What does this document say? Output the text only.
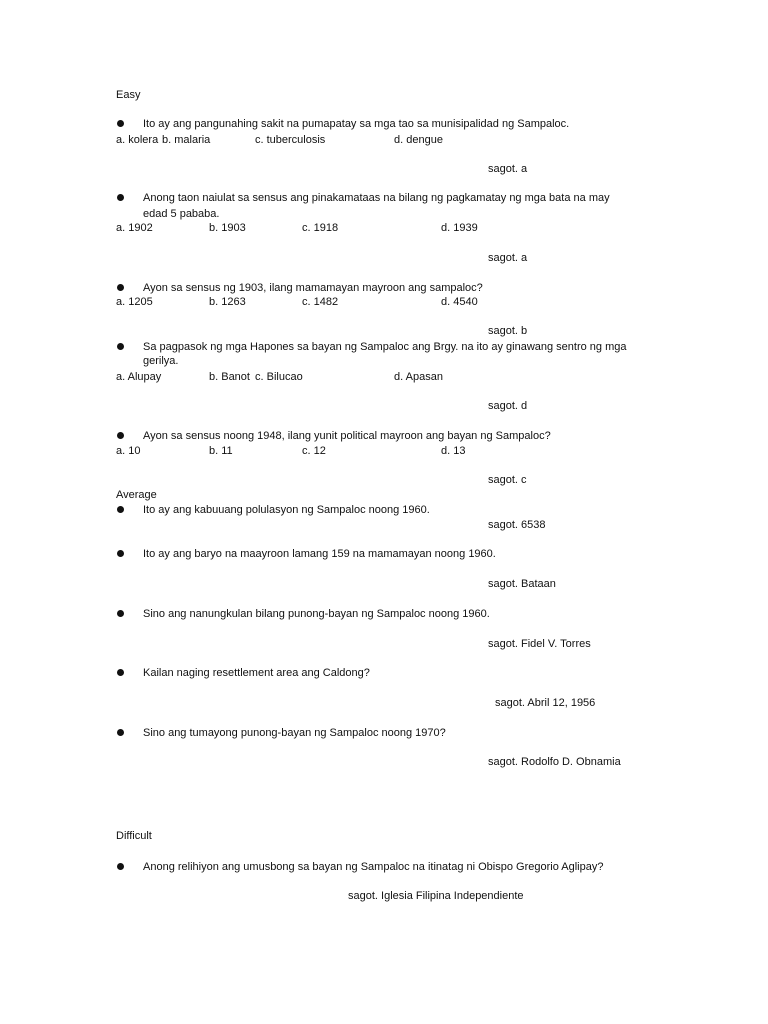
Easy
Ito ay ang pangunahing sakit na pumapatay sa mga tao sa munisipalidad ng Sampaloc.
a. kolera b. malaria	c. tuberculosis	d. dengue
sagot. a
Anong taon naiulat sa sensus ang pinakamataas na bilang ng pagkamatay ng mga bata na may
edad 5 pababa.
a. 1902	b. 1903	c. 1918	d. 1939
sagot. a
Ayon sa sensus ng 1903, ilang mamamayan mayroon ang sampaloc?
a. 1205	b. 1263	c. 1482	d. 4540
sagot. b
Sa pagpasok ng mga Hapones sa bayan ng Sampaloc ang Brgy. na ito ay ginawang sentro ng mga
gerilya.
a. Alupay	b. Banot c. Bilucao	d. Apasan
sagot. d
Ayon sa sensus noong 1948, ilang yunit political mayroon ang bayan ng Sampaloc?
a. 10	b. 11	c. 12	d. 13
sagot. c
Average
Ito ay ang kabuuang polulasyon ng Sampaloc noong 1960.
sagot. 6538
Ito ay ang baryo na maayroon lamang 159 na mamamayan noong 1960.
sagot. Bataan
Sino ang nanungkulan bilang punong-bayan ng Sampaloc noong 1960.
sagot. Fidel V. Torres
Kailan naging resettlement area ang Caldong?
sagot. Abril 12, 1956
Sino ang tumayong punong-bayan ng Sampaloc noong 1970?
sagot. Rodolfo D. Obnamia
Difficult
Anong relihiyon ang umusbong sa bayan ng Sampaloc na itinatag ni Obispo Gregorio Aglipay?
sagot. Iglesia Filipina Independiente
